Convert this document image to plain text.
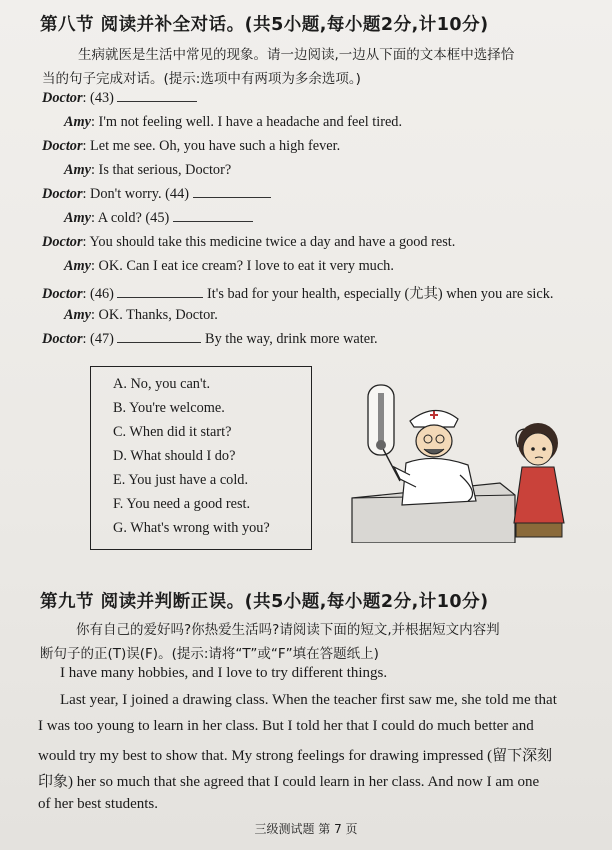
第八节 阅读并补全对话。(共5小题,每小题2分,计10分)
生病就医是生活中常见的现象。请一边阅读,一边从下面的文本框中选择恰
当的句子完成对话。(提示:选项中有两项为多余选项。)
Doctor: (43)
Amy: I'm not feeling well. I have a headache and feel tired.
Doctor: Let me see. Oh, you have such a high fever.
Amy: Is that serious, Doctor?
Doctor: Don't worry. (44)
Amy: A cold? (45)
Doctor: You should take this medicine twice a day and have a good rest.
Amy: OK. Can I eat ice cream? I love to eat it very much.
Doctor: (46)	It's bad for your health, especially (尤其) when you are sick.
Amy: OK. Thanks, Doctor.
Doctor: (47)	By the way, drink more water.
A. No, you can't.
B. You're welcome.
C. When did it start?
D. What should I do?
E. You just have a cold.
F. You need a good rest.
G. What's wrong with you?
第九节 阅读并判断正误。(共5小题,每小题2分,计10分)
你有自己的爱好吗?你热爱生活吗?请阅读下面的短文,并根据短文内容判
断句子的正(T)误(F)。(提示:请将“T”或“F”填在答题纸上)
I have many hobbies, and I love to try different things.
Last year, I joined a drawing class. When the teacher first saw me, she told me that
I was too young to learn in her class. But I told her that I could do much better and
would try my best to show that. My strong feelings for drawing impressed (留下深刻
印象) her so much that she agreed that I could learn in her class. And now I am one
of her best students.
三级测试题 第 7 页
